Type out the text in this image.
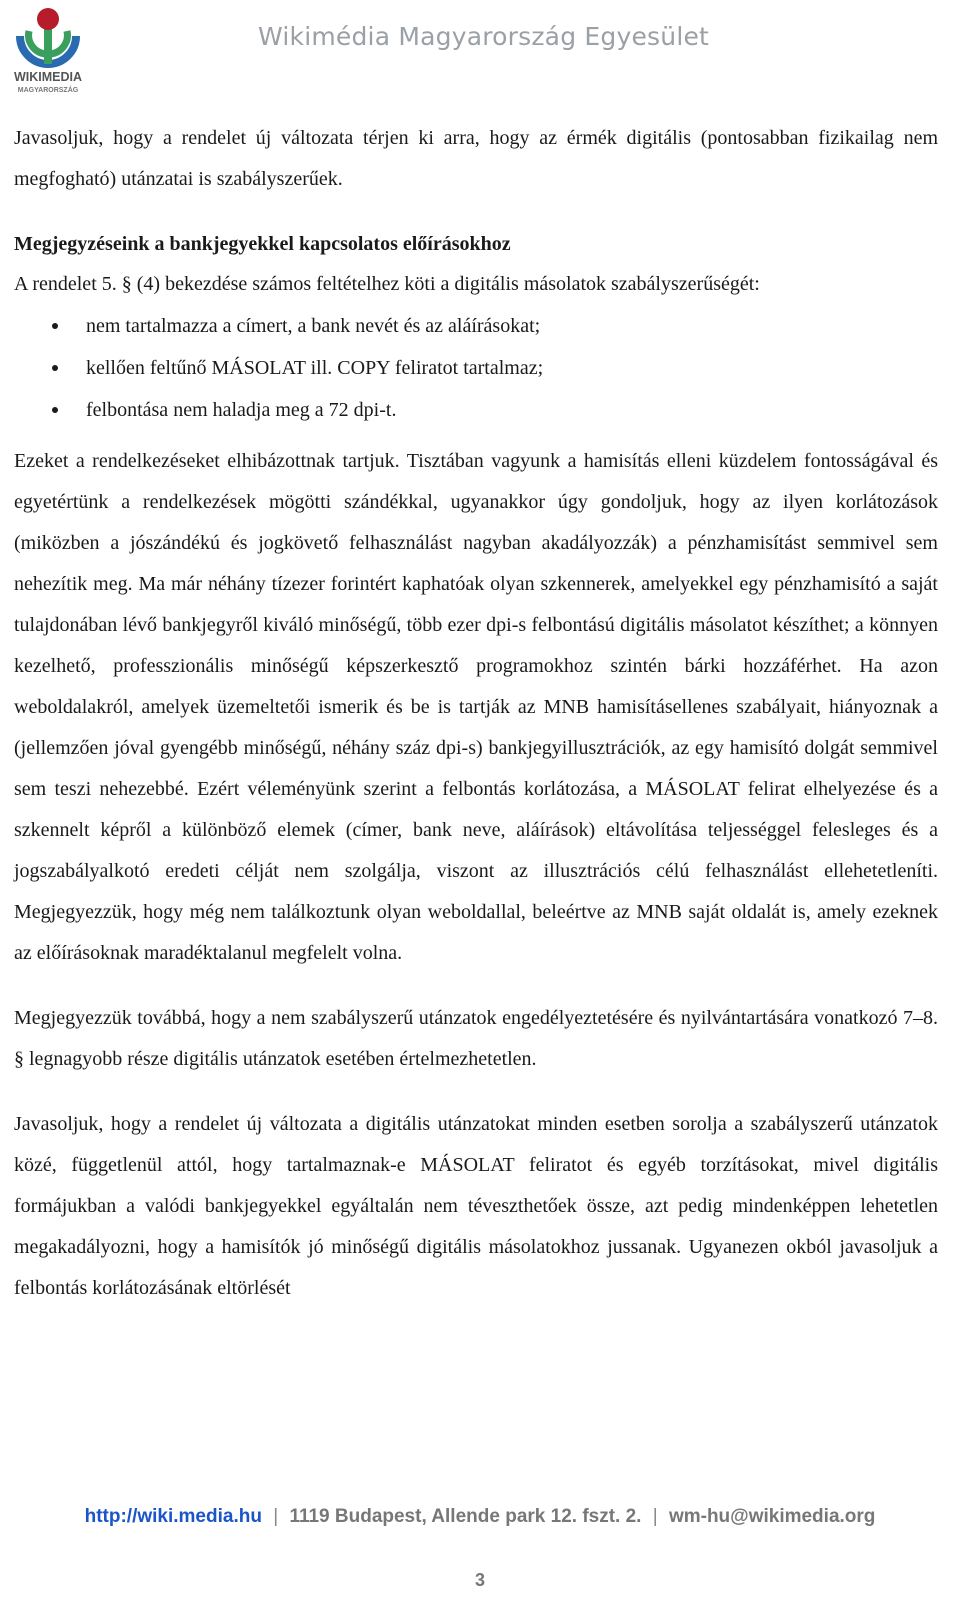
WIKIMEDIA
MAGYARORSZÁG
Wikimédia Magyarország Egyesület

Javasoljuk, hogy a rendelet új változata térjen ki arra, hogy az érmék digitális (pontosabban fizikailag nem megfogható) utánzatai is szabályszerűek.

Megjegyzéseink a bankjegyekkel kapcsolatos előírásokhoz

A rendelet 5. § (4) bekezdése számos feltételhez köti a digitális másolatok szabályszerűségét:

nem tartalmazza a címert, a bank nevét és az aláírásokat;
kellően feltűnő MÁSOLAT ill. COPY feliratot tartalmaz;
felbontása nem haladja meg a 72 dpi-t.

Ezeket a rendelkezéseket elhibázottnak tartjuk. Tisztában vagyunk a hamisítás elleni küzdelem fontosságával és egyetértünk a rendelkezések mögötti szándékkal, ugyanakkor úgy gondoljuk, hogy az ilyen korlátozások (miközben a jószándékú és jogkövető felhasználást nagyban akadályozzák) a pénzhamisítást semmivel sem nehezítik meg. Ma már néhány tízezer forintért kaphatóak olyan szkennerek, amelyekkel egy pénzhamisító a saját tulajdonában lévő bankjegyről kiváló minőségű, több ezer dpi-s felbontású digitális másolatot készíthet; a könnyen kezelhető, professzionális minőségű képszerkesztő programokhoz szintén bárki hozzáférhet. Ha azon weboldalakról, amelyek üzemeltetői ismerik és be is tartják az MNB hamisításellenes szabályait, hiányoznak a (jellemzően jóval gyengébb minőségű, néhány száz dpi-s) bankjegyillusztrációk, az egy hamisító dolgát semmivel sem teszi nehezebbé. Ezért véleményünk szerint a felbontás korlátozása, a MÁSOLAT felirat elhelyezése és a szkennelt képről a különböző elemek (címer, bank neve, aláírások) eltávolítása teljességgel felesleges és a jogszabályalkotó eredeti célját nem szolgálja, viszont az illusztrációs célú felhasználást ellehetetleníti. Megjegyezzük, hogy még nem találkoztunk olyan weboldallal, beleértve az MNB saját oldalát is, amely ezeknek az előírásoknak maradéktalanul megfelelt volna.

Megjegyezzük továbbá, hogy a nem szabályszerű utánzatok engedélyeztetésére és nyilvántartására vonatkozó 7–8. § legnagyobb része digitális utánzatok esetében értelmezhetetlen.

Javasoljuk, hogy a rendelet új változata a digitális utánzatokat minden esetben sorolja a szabályszerű utánzatok közé, függetlenül attól, hogy tartalmaznak-e MÁSOLAT feliratot és egyéb torzításokat, mivel digitális formájukban a valódi bankjegyekkel egyáltalán nem téveszthetőek össze, azt pedig mindenképpen lehetetlen megakadályozni, hogy a hamisítók jó minőségű digitális másolatokhoz jussanak. Ugyanezen okból javasoljuk a felbontás korlátozásának eltörlését

http://wiki.media.hu | 1119 Budapest, Allende park 12. fszt. 2. | wm-hu@wikimedia.org
3
